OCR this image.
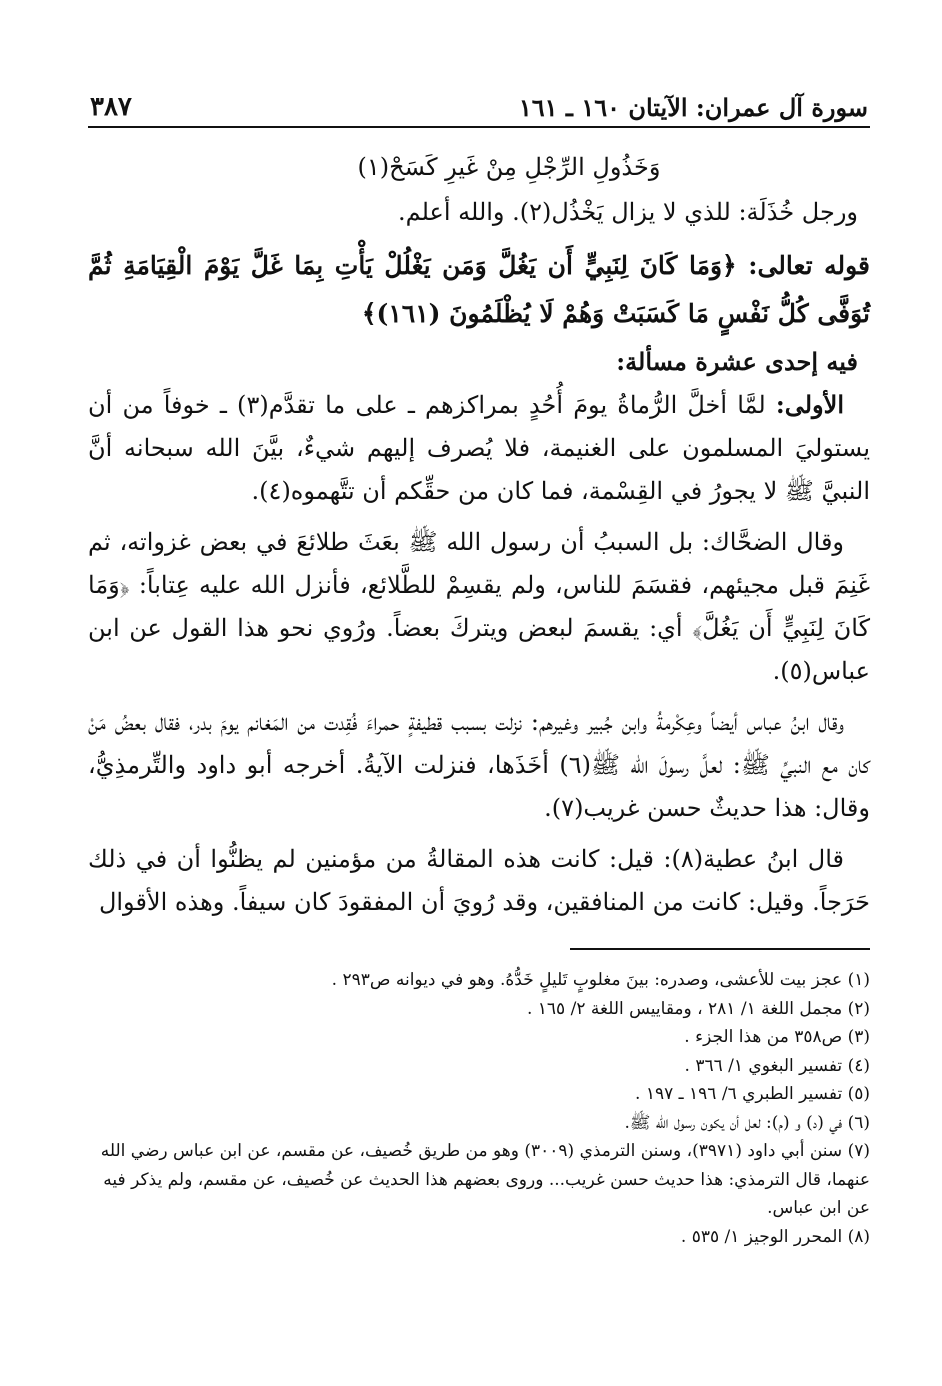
سورة آل عمران: الآيتان ١٦٠ ـ ١٦١
٣٨٧

وَخَذُولِ الرِّجْلِ مِنْ غَيرِ كَسَحْ(١)

ورجل خُذَلَة: للذي لا يزال يَخْذُل(٢). والله أعلم.

قوله تعالى: ﴿وَمَا كَانَ لِنَبِيٍّ أَن يَغُلَّ وَمَن يَغْلُلْ يَأْتِ بِمَا غَلَّ يَوْمَ الْقِيَامَةِ ثُمَّ تُوَفَّى كُلُّ نَفْسٍ مَا كَسَبَتْ وَهُمْ لَا يُظْلَمُونَ (١٦١)﴾

فيه إحدى عشرة مسألة:

الأولى: لمَّا أخلَّ الرُّماةُ يومَ أُحُدٍ بمراكزهم ـ على ما تقدَّم(٣) ـ خوفاً من أن يستوليَ المسلمون على الغنيمة، فلا يُصرف إليهم شيءٌ، بيَّنَ الله سبحانه أنَّ النبيَّ ﷺ لا يجورُ في القِسْمة، فما كان من حقِّكم أن تتَّهموه(٤).

وقال الضحَّاك: بل السببُ أن رسول الله ﷺ بعَثَ طلائعَ في بعض غزواته، ثم غَنِمَ قبل مجيئهم، فقسَمَ للناس، ولم يقسِمْ للطَّلائع، فأنزل الله عليه عِتاباً: ﴿وَمَا كَانَ لِنَبِيٍّ أَن يَغُلَّ﴾ أي: يقسمَ لبعض ويتركَ بعضاً. ورُوي نحو هذا القول عن ابن عباس(٥).

وقال ابنُ عباس أيضاً وعِكْرمةُ وابن جُبير وغيرهم: نزلت بسبب قطيفةٍ حمراءَ فُقِدت من المَغانم يومَ بدر، فقال بعضُ مَنْ كان مع النبيِّ ﷺ: لعلَّ رسولَ الله ﷺ(٦) أخَذَها، فنزلت الآيةُ. أخرجه أبو داود والتِّرمذِيُّ، وقال: هذا حديثٌ حسن غريب(٧).

قال ابنُ عطية(٨): قيل: كانت هذه المقالةُ من مؤمنين لم يظنُّوا أن في ذلك حَرَجاً. وقيل: كانت من المنافقين، وقد رُويَ أن المفقودَ كان سيفاً. وهذه الأقوال

(١) عجز بيت للأعشى، وصدره: بينَ مغلوبٍ تَليلٍ خَدُّهُ. وهو في ديوانه ص٢٩٣ .

(٢) مجمل اللغة ١/ ٢٨١ ، ومقاييس اللغة ٢/ ١٦٥ .

(٣) ص٣٥٨ من هذا الجزء .

(٤) تفسير البغوي ١/ ٣٦٦ .

(٥) تفسير الطبري ٦/ ١٩٦ ـ ١٩٧ .

(٦) في (د) و (م): لعل أن يكون رسول الله ﷺ.

(٧) سنن أبي داود (٣٩٧١)، وسنن الترمذي (٣٠٠٩) وهو من طريق خُصيف، عن مقسم، عن ابن عباس رضي الله عنهما، قال الترمذي: هذا حديث حسن غريب... وروى بعضهم هذا الحديث عن خُصيف، عن مقسم، ولم يذكر فيه عن ابن عباس.

(٨) المحرر الوجيز ١/ ٥٣٥ .
